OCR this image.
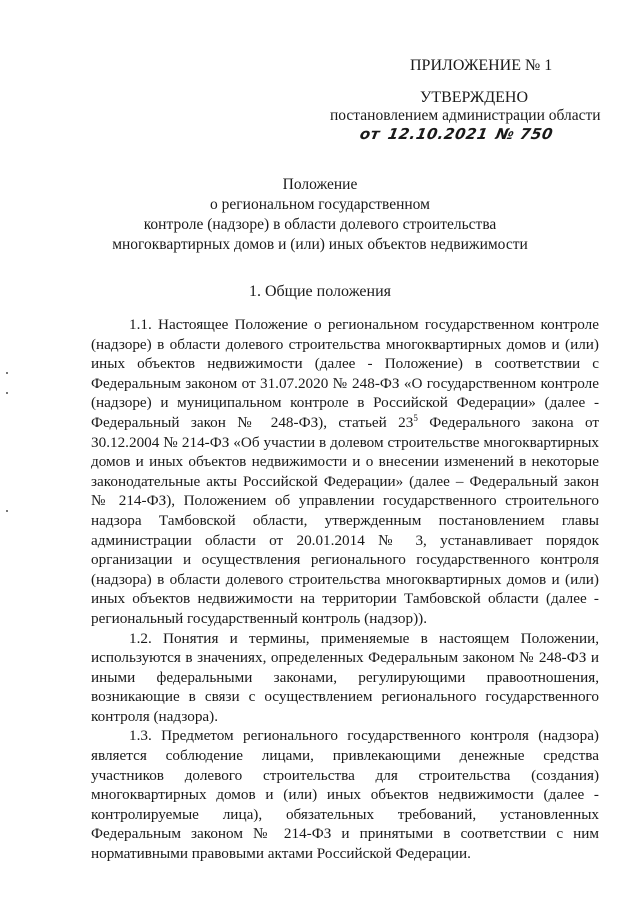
ПРИЛОЖЕНИЕ № 1
УТВЕРЖДЕНО
постановлением администрации области
от 12.10.2021 № 750
Положение
о региональном государственном
контроле (надзоре) в области долевого строительства
многоквартирных домов и (или) иных объектов недвижимости
1. Общие положения

1.1. Настоящее Положение о региональном государственном контроле (надзоре) в области долевого строительства многоквартирных домов и (или) иных объектов недвижимости (далее - Положение) в соответствии с Федеральным законом от 31.07.2020 № 248-ФЗ «О государственном контроле (надзоре) и муниципальном контроле в Российской Федерации» (далее - Федеральный закон № 248-ФЗ), статьей $23^5$ Федерального закона от 30.12.2004 № 214-ФЗ «Об участии в долевом строительстве многоквартирных домов и иных объектов недвижимости и о внесении изменений в некоторые законодательные акты Российской Федерации» (далее – Федеральный закон № 214-ФЗ), Положением об управлении государственного строительного надзора Тамбовской области, утвержденным постановлением главы администрации области от 20.01.2014 № 3, устанавливает порядок организации и осуществления регионального государственного контроля (надзора) в области долевого строительства многоквартирных домов и (или) иных объектов недвижимости на территории Тамбовской области (далее - региональный государственный контроль (надзор)).

1.2. Понятия и термины, применяемые в настоящем Положении, используются в значениях, определенных Федеральным законом № 248-ФЗ и иными федеральными законами, регулирующими правоотношения, возникающие в связи с осуществлением регионального государственного контроля (надзора).

1.3. Предметом регионального государственного контроля (надзора) является соблюдение лицами, привлекающими денежные средства участников долевого строительства для строительства (создания) многоквартирных домов и (или) иных объектов недвижимости (далее - контролируемые лица), обязательных требований, установленных Федеральным законом № 214-ФЗ и принятыми в соответствии с ним нормативными правовыми актами Российской Федерации.
